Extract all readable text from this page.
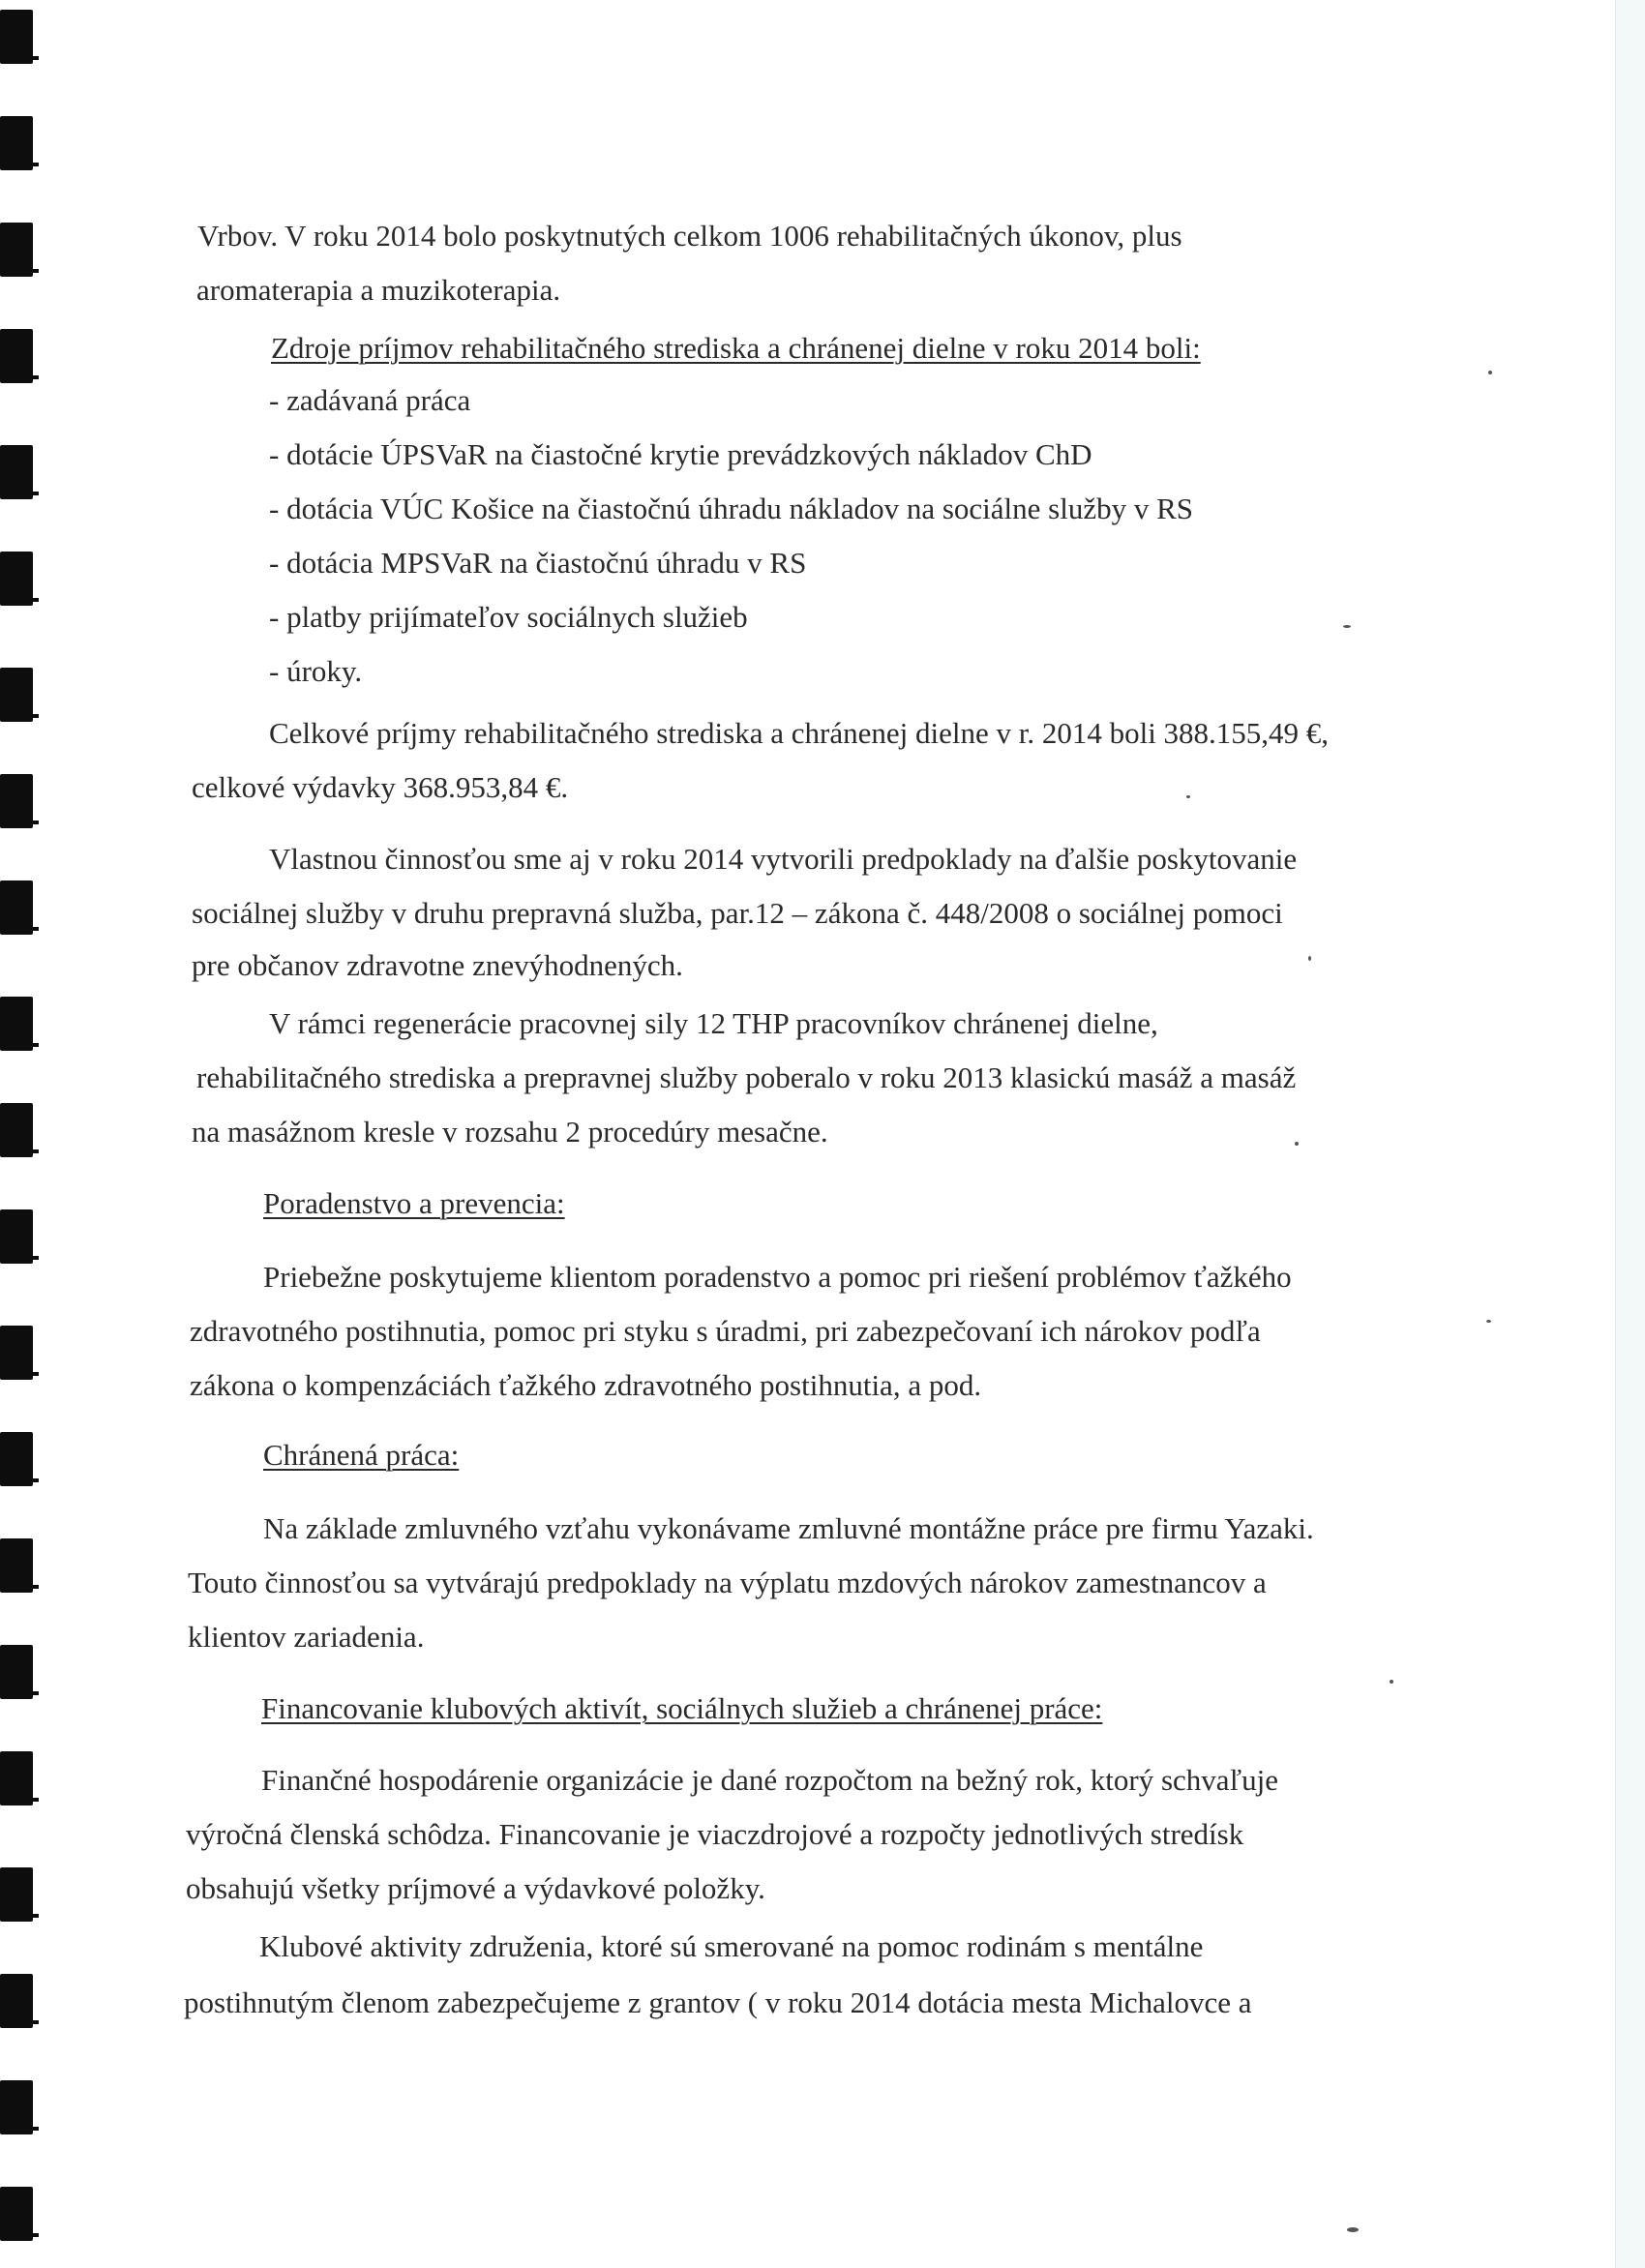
Vrbov. V roku 2014 bolo poskytnutých celkom 1006 rehabilitačných úkonov, plus
aromaterapia a muzikoterapia.
Zdroje príjmov rehabilitačného strediska a chránenej dielne v roku 2014 boli:
- zadávaná práca
- dotácie ÚPSVaR na čiastočné krytie prevádzkových nákladov ChD
- dotácia VÚC Košice na čiastočnú úhradu nákladov na sociálne služby v RS
- dotácia MPSVaR na čiastočnú úhradu v RS
- platby prijímateľov sociálnych služieb
- úroky.
Celkové príjmy rehabilitačného strediska a chránenej dielne v r. 2014 boli 388.155,49 €,
celkové výdavky 368.953,84 €.
Vlastnou činnosťou sme aj v roku 2014 vytvorili predpoklady na ďalšie poskytovanie
sociálnej služby v druhu prepravná služba, par.12 – zákona č. 448/2008 o sociálnej pomoci
pre občanov zdravotne znevýhodnených.
V rámci regenerácie pracovnej sily 12 THP pracovníkov chránenej dielne,
rehabilitačného strediska a prepravnej služby poberalo v roku 2013 klasickú masáž a masáž
na masážnom kresle v rozsahu 2 procedúry mesačne.
Poradenstvo a prevencia:
Priebežne poskytujeme klientom poradenstvo a pomoc pri riešení problémov ťažkého
zdravotného postihnutia, pomoc pri styku s úradmi, pri zabezpečovaní ich nárokov podľa
zákona o kompenzáciách ťažkého zdravotného postihnutia, a pod.
Chránená práca:
Na základe zmluvného vzťahu vykonávame zmluvné montážne práce pre firmu Yazaki.
Touto činnosťou sa vytvárajú predpoklady na výplatu mzdových nárokov zamestnancov a
klientov zariadenia.
Financovanie klubových aktivít, sociálnych služieb a chránenej práce:
Finančné hospodárenie organizácie je dané rozpočtom na bežný rok, ktorý schvaľuje
výročná členská schôdza. Financovanie je viaczdrojové a rozpočty jednotlivých stredísk
obsahujú všetky príjmové a výdavkové položky.
Klubové aktivity združenia, ktoré sú smerované na pomoc rodinám s mentálne
postihnutým členom zabezpečujeme z grantov ( v roku 2014 dotácia mesta Michalovce a
